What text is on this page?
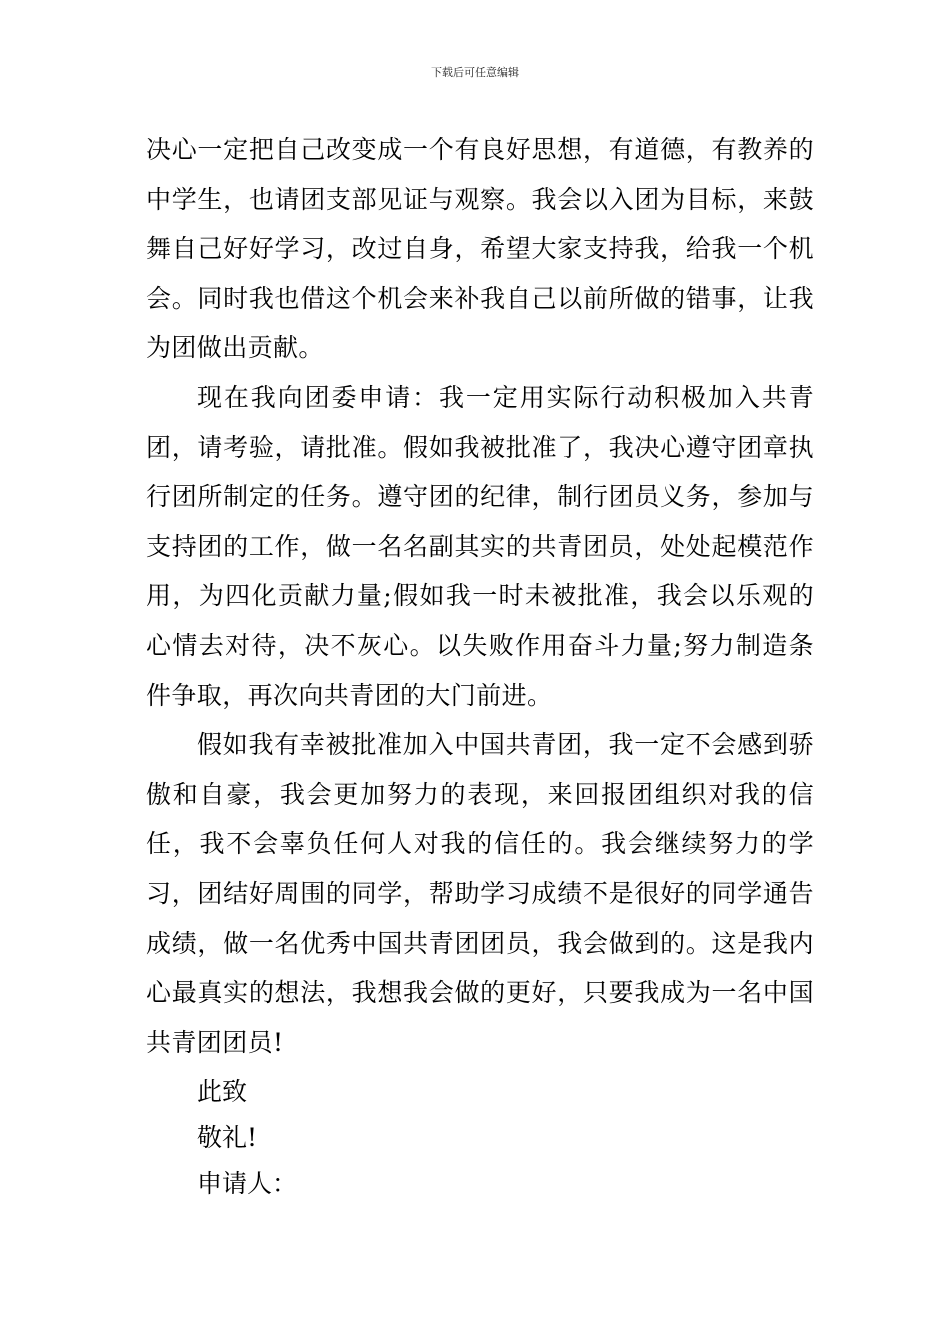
下载后可任意编辑

决心一定把自己改变成一个有良好思想，有道德，有教养的中学生，也请团支部见证与观察。我会以入团为目标，来鼓舞自己好好学习，改过自身，希望大家支持我，给我一个机会。同时我也借这个机会来补我自己以前所做的错事，让我为团做出贡献。

现在我向团委申请：我一定用实际行动积极加入共青团，请考验，请批准。假如我被批准了，我决心遵守团章执行团所制定的任务。遵守团的纪律，制行团员义务，参加与支持团的工作，做一名名副其实的共青团员，处处起模范作用，为四化贡献力量;假如我一时未被批准，我会以乐观的心情去对待，决不灰心。以失败作用奋斗力量;努力制造条件争取，再次向共青团的大门前进。

假如我有幸被批准加入中国共青团，我一定不会感到骄傲和自豪，我会更加努力的表现，来回报团组织对我的信任，我不会辜负任何人对我的信任的。我会继续努力的学习，团结好周围的同学，帮助学习成绩不是很好的同学通告成绩，做一名优秀中国共青团团员，我会做到的。这是我内心最真实的想法，我想我会做的更好，只要我成为一名中国共青团团员!

此致

敬礼!

申请人：
